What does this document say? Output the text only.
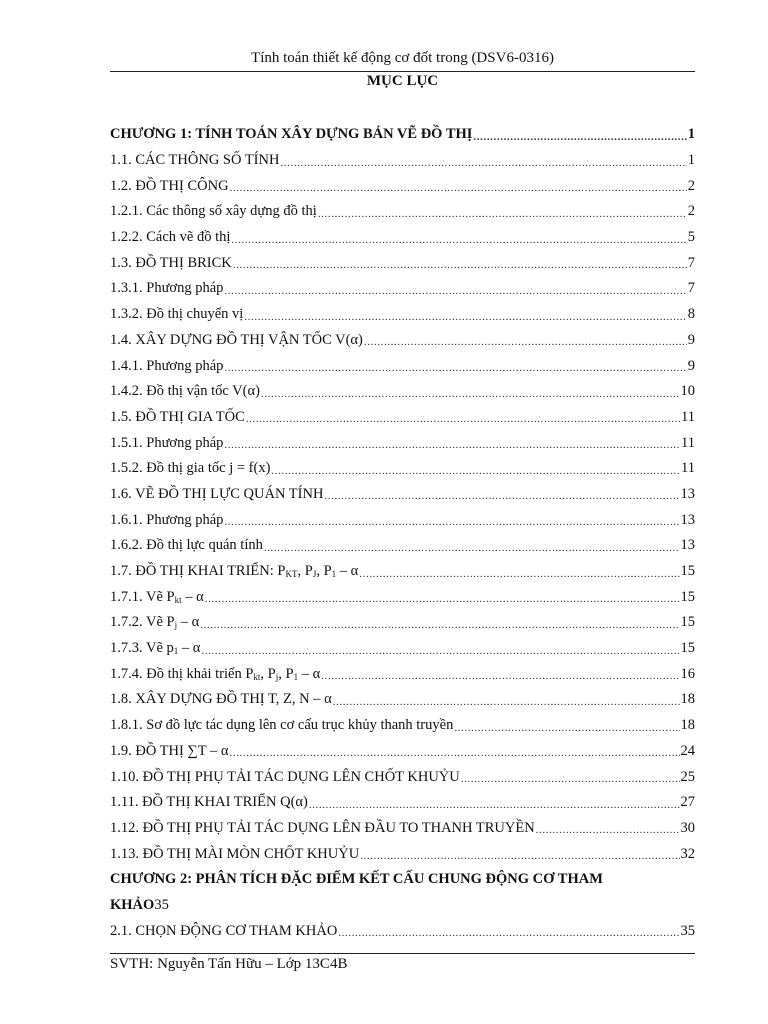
Tính toán thiết kế động cơ đốt trong (DSV6-0316)
MỤC LỤC
CHƯƠNG 1: TÍNH TOÁN XÂY DỰNG BẢN VẼ ĐỒ THỊ .....	1
1.1. CÁC THÔNG SỐ TÍNH .....	1
1.2. ĐỒ THỊ CÔNG .....	2
1.2.1. Các thông số xây dựng đồ thị .....	2
1.2.2. Cách vẽ đồ thị .....	5
1.3. ĐỒ THỊ BRICK .....	7
1.3.1. Phương pháp .....	7
1.3.2. Đồ thị chuyển vị .....	8
1.4. XÂY DỰNG ĐỒ THỊ VẬN TỐC V(α) .....	9
1.4.1. Phương pháp .....	9
1.4.2. Đồ thị vận tốc V(α) .....	10
1.5. ĐỒ THỊ GIA TỐC .....	11
1.5.1. Phương pháp .....	11
1.5.2. Đồ thị gia tốc j = f(x) .....	11
1.6. VẼ ĐỒ THỊ LỰC QUÁN TÍNH .....	13
1.6.1. Phương pháp .....	13
1.6.2. Đồ thị lực quán tính .....	13
1.7. ĐỒ THỊ KHAI TRIỂN: $P_{KT}$, $P_J$, $P_1$ – α .....	15
1.7.1. Vẽ $P_{kt}$ – α .....	15
1.7.2. Vẽ $P_j$ – α .....	15
1.7.3. Vẽ $p_1$ – α .....	15
1.7.4. Đồ thị khải triển $P_{kt}$, $P_j$, $P_1$ – α .....	16
1.8. XÂY DỰNG ĐỒ THỊ T, Z, N – α .....	18
1.8.1. Sơ đồ lực tác dụng lên cơ cấu trục khủy thanh truyền .....	18
1.9. ĐỒ THỊ ∑T – α .....	24
1.10. ĐỒ THỊ PHỤ TẢI TÁC DỤNG LÊN CHỐT KHUỶU .....	25
1.11. ĐỒ THỊ KHAI TRIỂN Q(α) .....	27
1.12. ĐỒ THỊ PHỤ TẢI TÁC DỤNG LÊN ĐẦU TO THANH TRUYỀN .....	30
1.13. ĐỒ THỊ MÀI MÒN CHỐT KHUỶU .....	32
CHƯƠNG 2: PHÂN TÍCH ĐẶC ĐIỂM KẾT CẤU CHUNG ĐỘNG CƠ THAM
KHẢO 35
2.1. CHỌN ĐỘNG CƠ THAM KHẢO .....	35
SVTH: Nguyễn Tấn Hữu – Lớp 13C4B
